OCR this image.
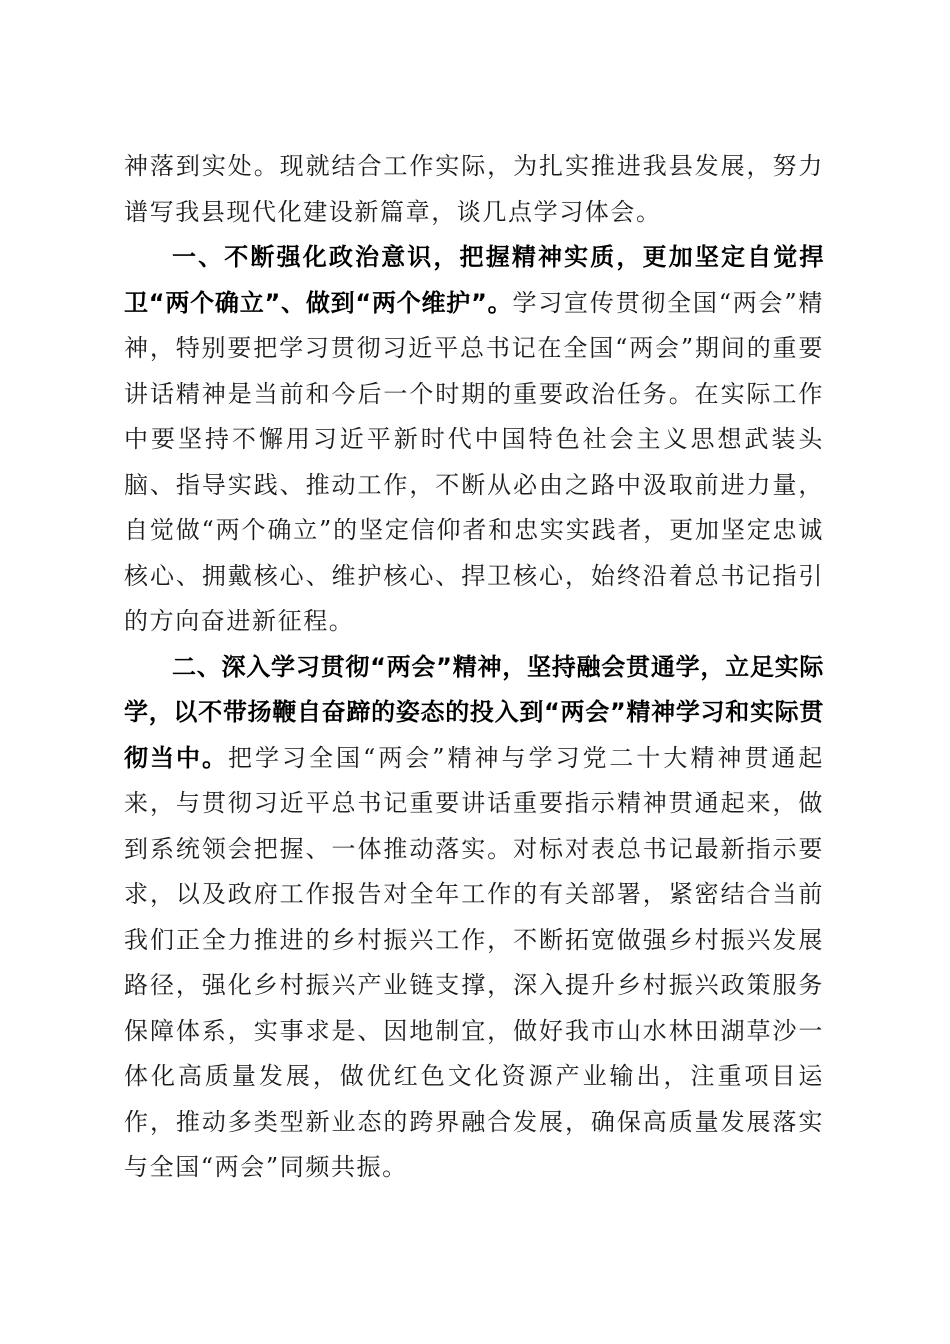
神落到实处。现就结合工作实际，为扎实推进我县发展，努力谱写我县现代化建设新篇章，谈几点学习体会。

一、不断强化政治意识，把握精神实质，更加坚定自觉捍卫“两个确立”、做到“两个维护”。学习宣传贯彻全国“两会”精神，特别要把学习贯彻习近平总书记在全国“两会”期间的重要讲话精神是当前和今后一个时期的重要政治任务。在实际工作中要坚持不懈用习近平新时代中国特色社会主义思想武装头脑、指导实践、推动工作，不断从必由之路中汲取前进力量，自觉做“两个确立”的坚定信仰者和忠实实践者，更加坚定忠诚核心、拥戴核心、维护核心、捍卫核心，始终沿着总书记指引的方向奋进新征程。

二、深入学习贯彻“两会”精神，坚持融会贯通学，立足实际学，以不带扬鞭自奋蹄的姿态的投入到“两会”精神学习和实际贯彻当中。把学习全国“两会”精神与学习党二十大精神贯通起来，与贯彻习近平总书记重要讲话重要指示精神贯通起来，做到系统领会把握、一体推动落实。对标对表总书记最新指示要求，以及政府工作报告对全年工作的有关部署，紧密结合当前我们正全力推进的乡村振兴工作，不断拓宽做强乡村振兴发展路径，强化乡村振兴产业链支撑，深入提升乡村振兴政策服务保障体系，实事求是、因地制宜，做好我市山水林田湖草沙一体化高质量发展，做优红色文化资源产业输出，注重项目运作，推动多类型新业态的跨界融合发展，确保高质量发展落实与全国“两会”同频共振。
